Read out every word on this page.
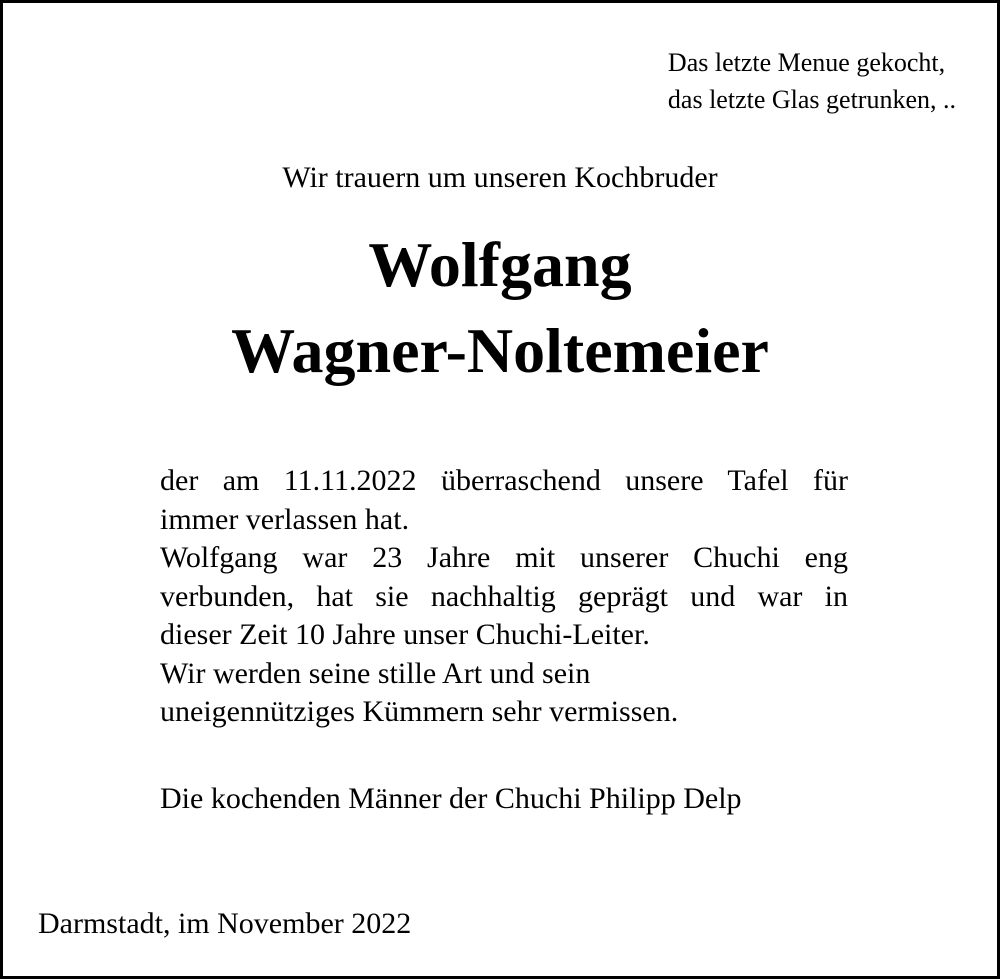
Das letzte Menue gekocht,
das letzte Glas getrunken, ..
Wir trauern um unseren Kochbruder
Wolfgang
Wagner-Noltemeier
der am 11.11.2022 überraschend unsere Tafel für
immer verlassen hat.
Wolfgang war 23 Jahre mit unserer Chuchi eng
verbunden, hat sie nachhaltig geprägt und war in
dieser Zeit 10 Jahre unser Chuchi-Leiter.
Wir werden seine stille Art und sein
uneigennütziges Kümmern sehr vermissen.
Die kochenden Männer der Chuchi Philipp Delp
Darmstadt, im November 2022
